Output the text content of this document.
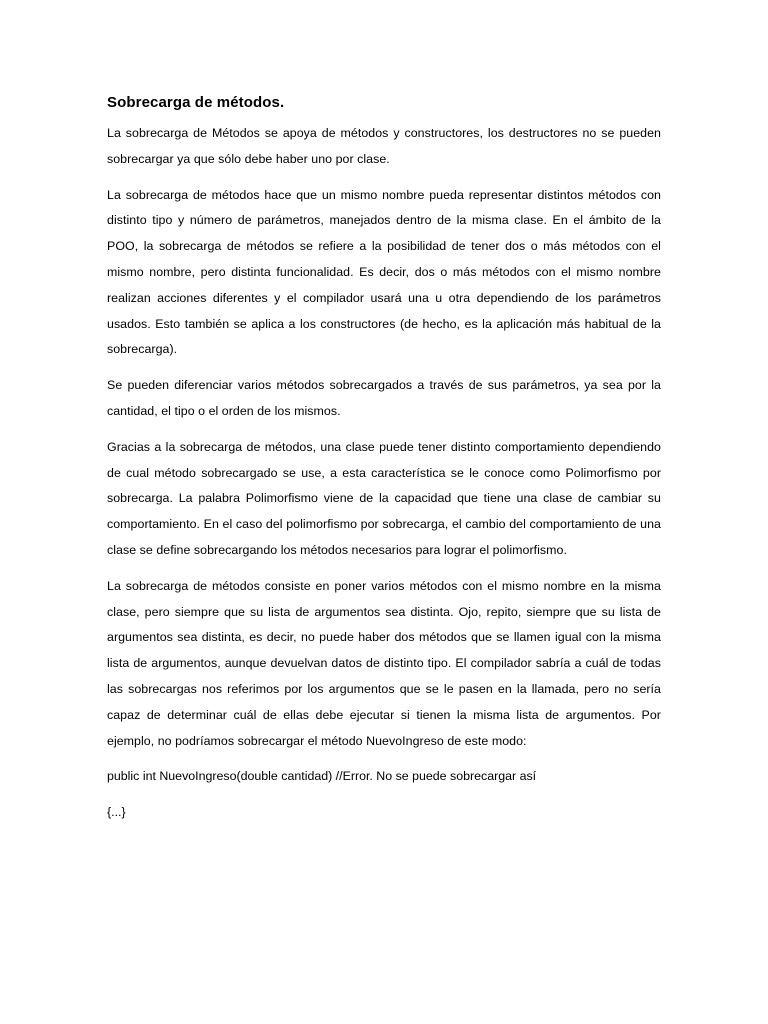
Sobrecarga de métodos.

La sobrecarga de Métodos se apoya de métodos y constructores, los destructores no se pueden sobrecargar ya que sólo debe haber uno por clase.

La sobrecarga de métodos hace que un mismo nombre pueda representar distintos métodos con distinto tipo y número de parámetros, manejados dentro de la misma clase. En el ámbito de la POO, la sobrecarga de métodos se refiere a la posibilidad de tener dos o más métodos con el mismo nombre, pero distinta funcionalidad. Es decir, dos o más métodos con el mismo nombre realizan acciones diferentes y el compilador usará una u otra dependiendo de los parámetros usados. Esto también se aplica a los constructores (de hecho, es la aplicación más habitual de la sobrecarga).

Se pueden diferenciar varios métodos sobrecargados a través de sus parámetros, ya sea por la cantidad, el tipo o el orden de los mismos.

Gracias a la sobrecarga de métodos, una clase puede tener distinto comportamiento dependiendo de cual método sobrecargado se use, a esta característica se le conoce como Polimorfismo por sobrecarga. La palabra Polimorfismo viene de la capacidad que tiene una clase de cambiar su comportamiento. En el caso del polimorfismo por sobrecarga, el cambio del comportamiento de una clase se define sobrecargando los métodos necesarios para lograr el polimorfismo.

La sobrecarga de métodos consiste en poner varios métodos con el mismo nombre en la misma clase, pero siempre que su lista de argumentos sea distinta. Ojo, repito, siempre que su lista de argumentos sea distinta, es decir, no puede haber dos métodos que se llamen igual con la misma lista de argumentos, aunque devuelvan datos de distinto tipo. El compilador sabría a cuál de todas las sobrecargas nos referimos por los argumentos que se le pasen en la llamada, pero no sería capaz de determinar cuál de ellas debe ejecutar si tienen la misma lista de argumentos. Por ejemplo, no podríamos sobrecargar el método NuevoIngreso de este modo:

public int NuevoIngreso(double cantidad) //Error. No se puede sobrecargar así

{...}
